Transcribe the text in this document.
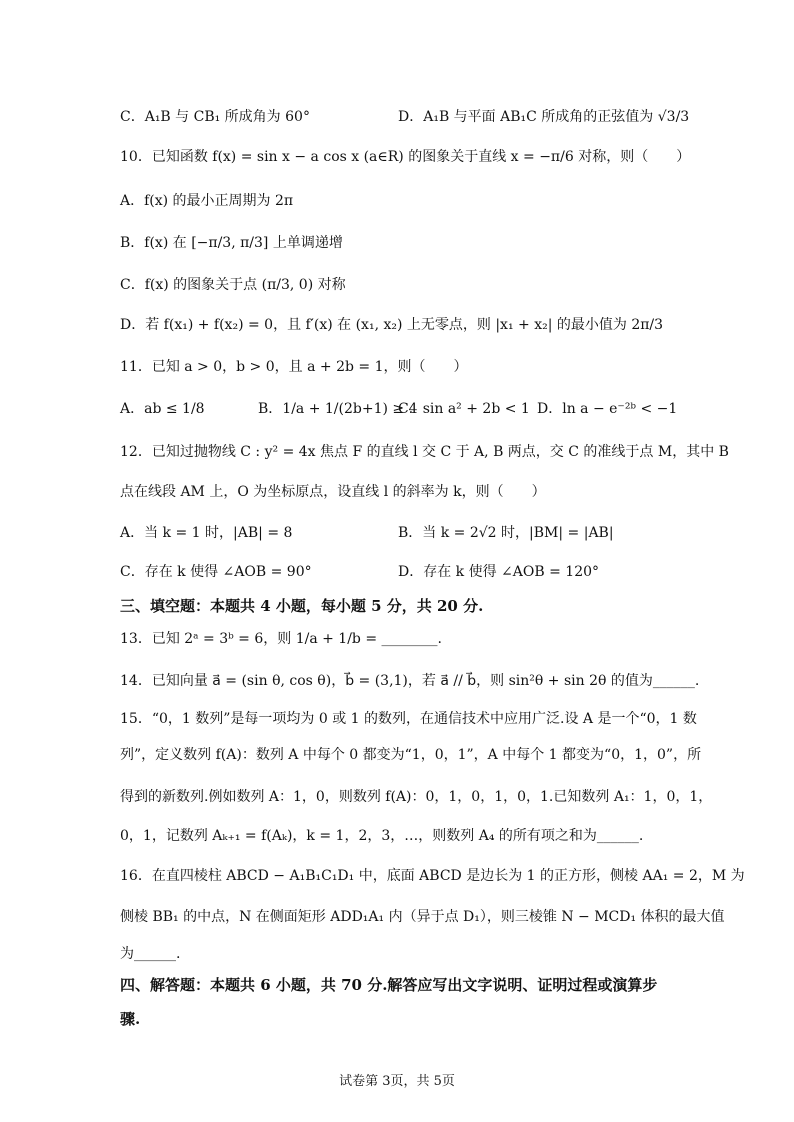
C．A₁B 与 CB₁ 所成角为 60°	D．A₁B 与平面 AB₁C 所成角的正弦值为 √3/3
10．已知函数 f(x) = sin x − a cos x (a∈R) 的图象关于直线 x = −π/6 对称，则（　　）
A．f(x) 的最小正周期为 2π
B．f(x) 在 [−π/3, π/3] 上单调递增
C．f(x) 的图象关于点 (π/3, 0) 对称
D．若 f(x₁) + f(x₂) = 0，且 f′(x) 在 (x₁, x₂) 上无零点，则 |x₁ + x₂| 的最小值为 2π/3
11．已知 a > 0，b > 0，且 a + 2b = 1，则（　　）
A．ab ≤ 1/8	B．1/a + 1/(2b+1) ≥ 4
C．sin a² + 2b < 1 D．ln a − e⁻²ᵇ < −1
12．已知过抛物线 C : y² = 4x 焦点 F 的直线 l 交 C 于 A, B 两点，交 C 的准线于点 M，其中 B
点在线段 AM 上，O 为坐标原点，设直线 l 的斜率为 k，则（　　）
A．当 k = 1 时，|AB| = 8	B．当 k = 2√2 时，|BM| = |AB|
C．存在 k 使得 ∠AOB = 90°	D．存在 k 使得 ∠AOB = 120°
三、填空题：本题共 4 小题，每小题 5 分，共 20 分.
13．已知 2ᵃ = 3ᵇ = 6，则 1/a + 1/b = ________.
14．已知向量 a⃗ = (sin θ, cos θ)，b⃗ = (3,1)，若 a⃗ // b⃗，则 sin²θ + sin 2θ 的值为______.
15．“0，1 数列”是每一项均为 0 或 1 的数列，在通信技术中应用广泛.设 A 是一个“0，1 数
列”，定义数列 f(A)：数列 A 中每个 0 都变为“1，0，1”，A 中每个 1 都变为“0，1，0”，所
得到的新数列.例如数列 A：1，0，则数列 f(A)：0，1，0，1，0，1.已知数列 A₁：1，0，1，
0，1，记数列 Aₖ₊₁ = f(Aₖ)，k = 1，2，3，…，则数列 A₄ 的所有项之和为______.
16．在直四棱柱 ABCD − A₁B₁C₁D₁ 中，底面 ABCD 是边长为 1 的正方形，侧棱 AA₁ = 2，M 为
侧棱 BB₁ 的中点，N 在侧面矩形 ADD₁A₁ 内（异于点 D₁），则三棱锥 N − MCD₁ 体积的最大值
为______.
四、解答题：本题共 6 小题，共 70 分.解答应写出文字说明、证明过程或演算步
骤.
试卷第 3页，共 5页
